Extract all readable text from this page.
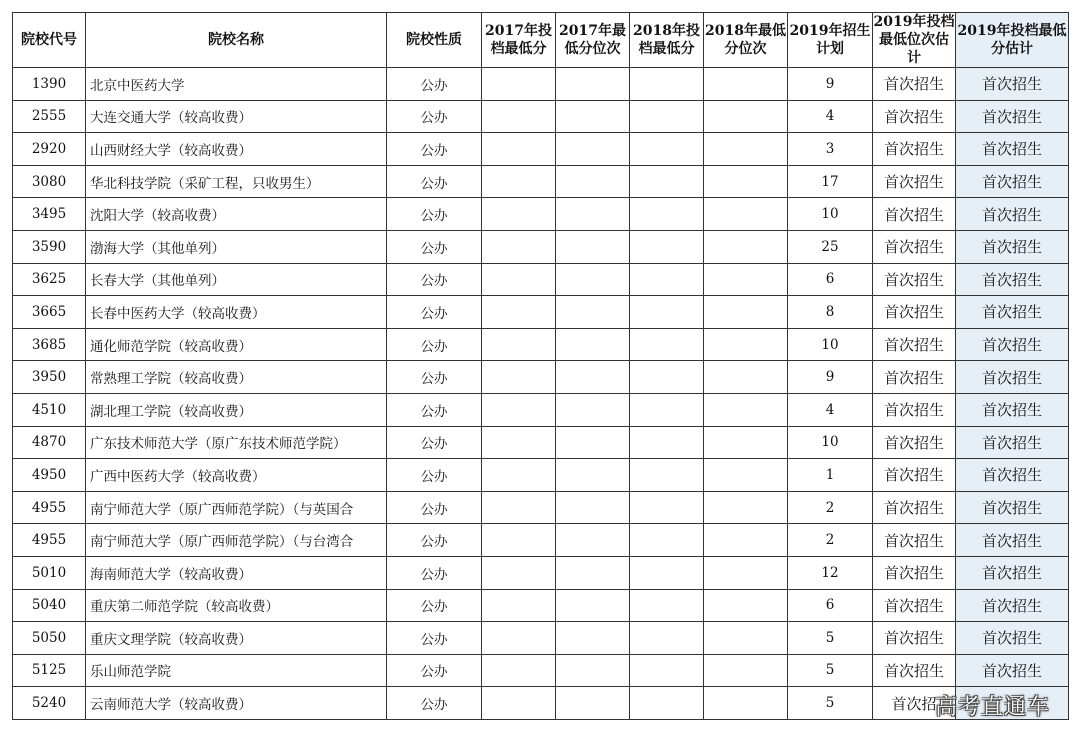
院校代号	院校名称	院校性质	2017年投档最低分	2017年最低分位次	2018年投档最低分	2018年最低分位次	2019年招生计划	2019年投档最低位次估计	2019年投档最低分估计
1390	北京中医药大学	公办					9	首次招生	首次招生
2555	大连交通大学（较高收费）	公办					4	首次招生	首次招生
2920	山西财经大学（较高收费）	公办					3	首次招生	首次招生
3080	华北科技学院（采矿工程，只收男生）	公办					17	首次招生	首次招生
3495	沈阳大学（较高收费）	公办					10	首次招生	首次招生
3590	渤海大学（其他单列）	公办					25	首次招生	首次招生
3625	长春大学（其他单列）	公办					6	首次招生	首次招生
3665	长春中医药大学（较高收费）	公办					8	首次招生	首次招生
3685	通化师范学院（较高收费）	公办					10	首次招生	首次招生
3950	常熟理工学院（较高收费）	公办					9	首次招生	首次招生
4510	湖北理工学院（较高收费）	公办					4	首次招生	首次招生
4870	广东技术师范大学（原广东技术师范学院）	公办					10	首次招生	首次招生
4950	广西中医药大学（较高收费）	公办					1	首次招生	首次招生
4955	南宁师范大学（原广西师范学院）（与英国合	公办					2	首次招生	首次招生
4955	南宁师范大学（原广西师范学院）（与台湾合	公办					2	首次招生	首次招生
5010	海南师范大学（较高收费）	公办					12	首次招生	首次招生
5040	重庆第二师范学院（较高收费）	公办					6	首次招生	首次招生
5050	重庆文理学院（较高收费）	公办					5	首次招生	首次招生
5125	乐山师范学院	公办					5	首次招生	首次招生
5240	云南师范大学（较高收费）	公办					5	首次招	
高考直通车
